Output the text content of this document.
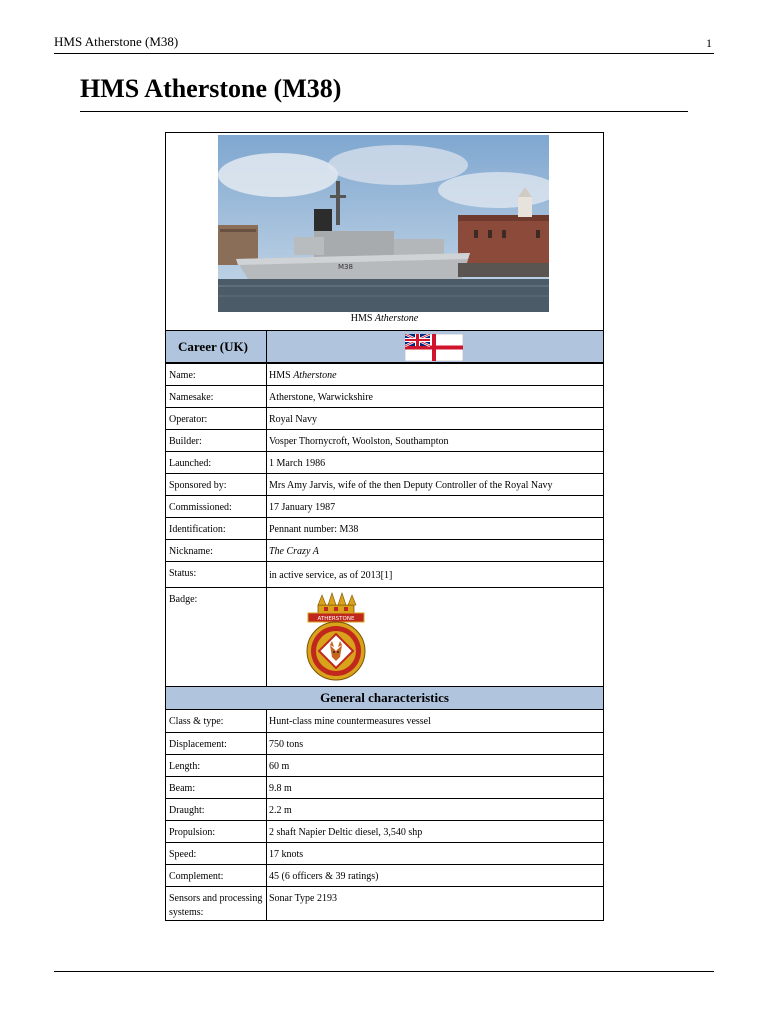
HMS Atherstone (M38)	1
HMS Atherstone (M38)
M38
HMS Atherstone
Career (UK)
Name:	HMS Atherstone
Namesake:	Atherstone, Warwickshire
Operator:	Royal Navy
Builder:	Vosper Thornycroft, Woolston, Southampton
Launched:	1 March 1986
Sponsored by:	Mrs Amy Jarvis, wife of the then Deputy Controller of the Royal Navy
Commissioned:	17 January 1987
Identification:	Pennant number: M38
Nickname:	The Crazy A
Status:	in active service, as of 2013[1]
Badge:
ATHERSTONE
General characteristics
Class & type:	Hunt-class mine countermeasures vessel
Displacement:	750 tons
Length:	60 m
Beam:	9.8 m
Draught:	2.2 m
Propulsion:	2 shaft Napier Deltic diesel, 3,540 shp
Speed:	17 knots
Complement:	45 (6 officers & 39 ratings)
Sensors and processing systems:
Sonar Type 2193
